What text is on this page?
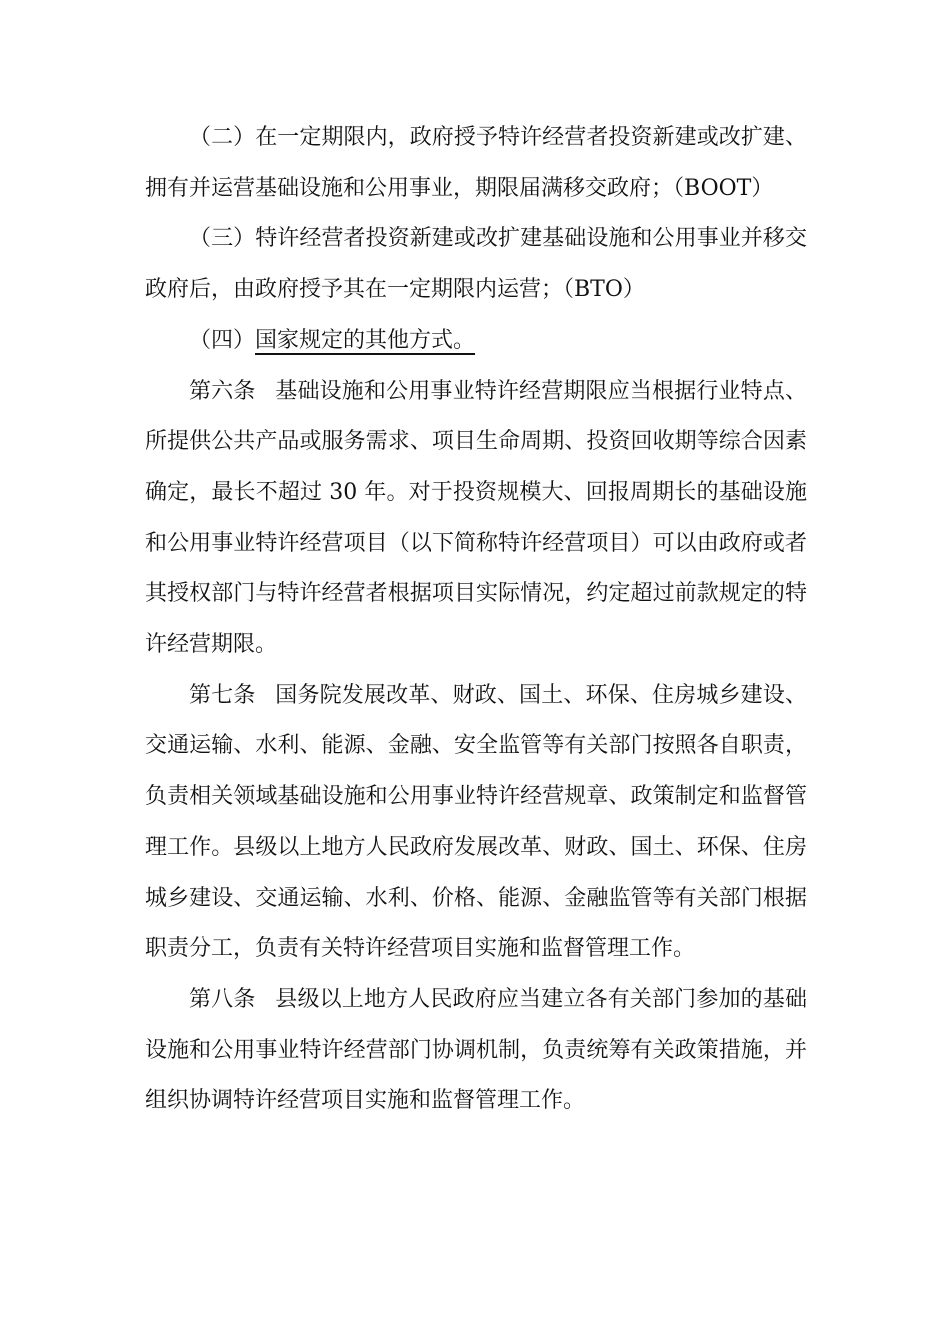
（二）在一定期限内，政府授予特许经营者投资新建或改扩建、拥有并运营基础设施和公用事业，期限届满移交政府；（BOOT）

（三）特许经营者投资新建或改扩建基础设施和公用事业并移交政府后，由政府授予其在一定期限内运营；（BTO）

（四）国家规定的其他方式。

第六条 基础设施和公用事业特许经营期限应当根据行业特点、所提供公共产品或服务需求、项目生命周期、投资回收期等综合因素确定，最长不超过 30 年。对于投资规模大、回报周期长的基础设施和公用事业特许经营项目（以下简称特许经营项目）可以由政府或者其授权部门与特许经营者根据项目实际情况，约定超过前款规定的特许经营期限。

第七条 国务院发展改革、财政、国土、环保、住房城乡建设、交通运输、水利、能源、金融、安全监管等有关部门按照各自职责，负责相关领域基础设施和公用事业特许经营规章、政策制定和监督管理工作。县级以上地方人民政府发展改革、财政、国土、环保、住房城乡建设、交通运输、水利、价格、能源、金融监管等有关部门根据职责分工，负责有关特许经营项目实施和监督管理工作。

第八条 县级以上地方人民政府应当建立各有关部门参加的基础设施和公用事业特许经营部门协调机制，负责统筹有关政策措施，并组织协调特许经营项目实施和监督管理工作。
